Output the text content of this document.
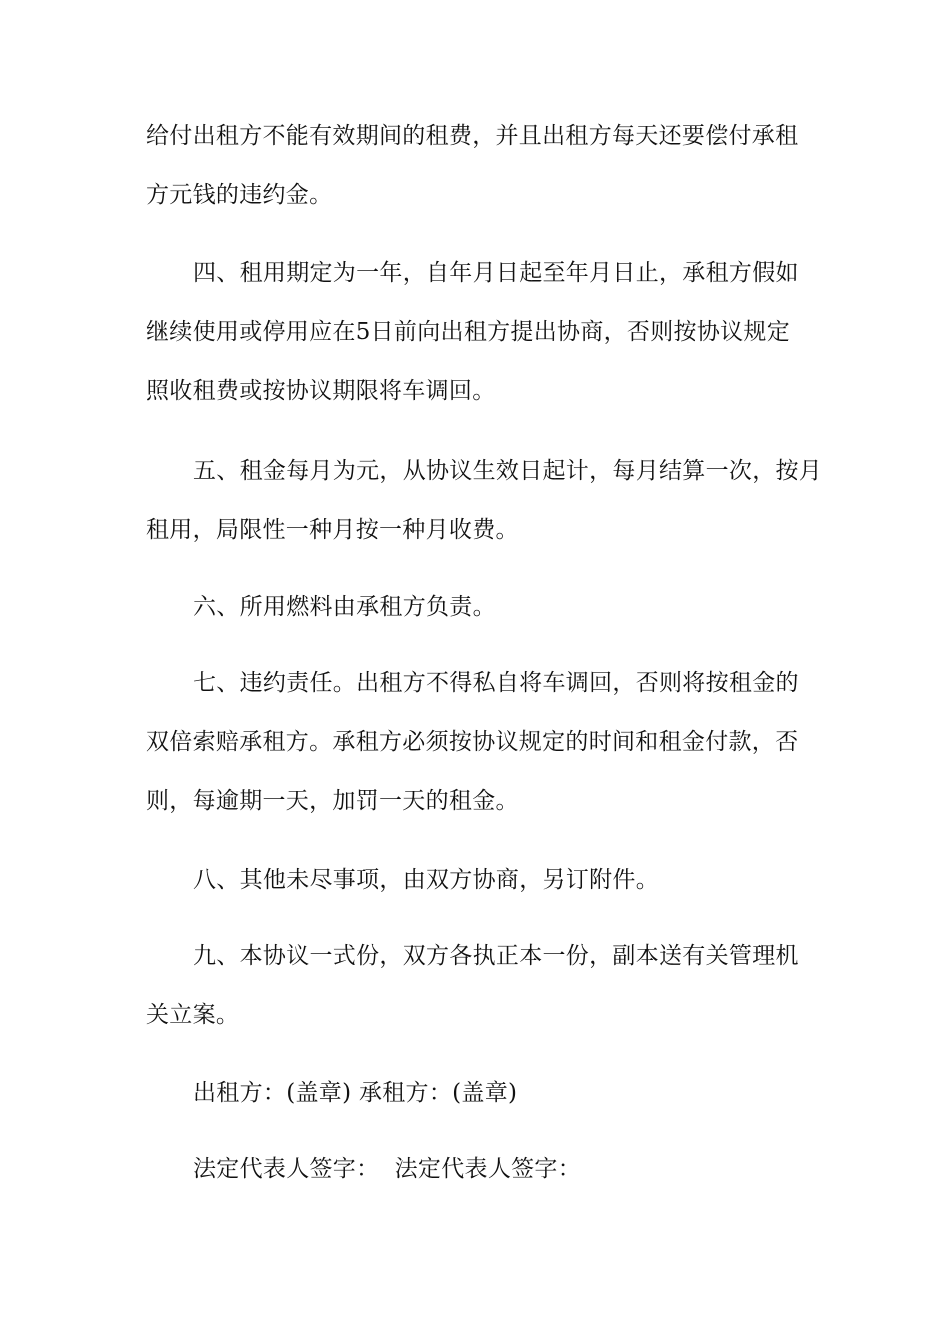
给付出租方不能有效期间的租费，并且出租方每天还要偿付承租
方元钱的违约金。
四、租用期定为一年，自年月日起至年月日止，承租方假如
继续使用或停用应在5日前向出租方提出协商，否则按协议规定
照收租费或按协议期限将车调回。
五、租金每月为元，从协议生效日起计，每月结算一次，按月
租用，局限性一种月按一种月收费。
六、所用燃料由承租方负责。
七、违约责任。出租方不得私自将车调回，否则将按租金的
双倍索赔承租方。承租方必须按协议规定的时间和租金付款，否
则，每逾期一天，加罚一天的租金。
八、其他未尽事项，由双方协商，另订附件。
九、本协议一式份，双方各执正本一份，副本送有关管理机
关立案。
出租方：(盖章) 承租方：(盖章)
法定代表人签字：  法定代表人签字：
